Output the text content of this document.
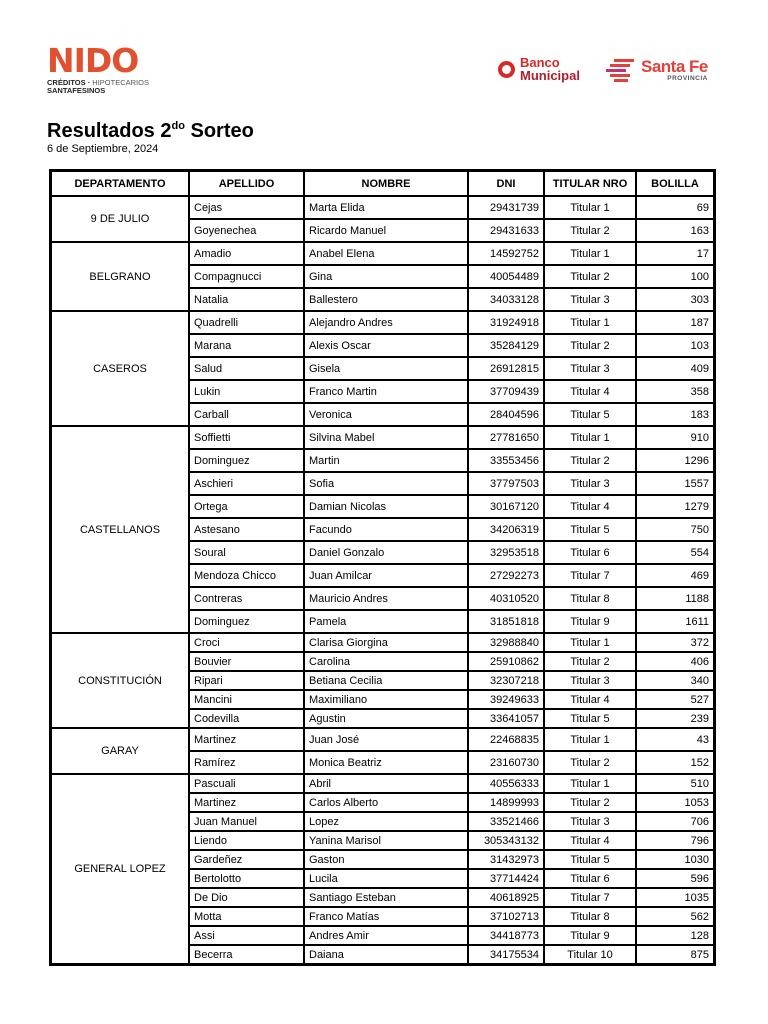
NIDO
CRÉDITOS · HIPOTECARIOS
SANTAFESINOS
Banco
Municipal	Santa Fe
PROVINCIA
Resultados $2^{do}$ Sorteo
6 de Septiembre, 2024
DEPARTAMENTO	APELLIDO	NOMBRE	DNI	TITULAR NRO	BOLILLA
9 DE JULIO	Cejas	Marta Elida	29431739	Titular 1	69
	Goyenechea	Ricardo Manuel	29431633	Titular 2	163
BELGRANO	Amadio	Anabel Elena	14592752	Titular 1	17
	Compagnucci	Gina	40054489	Titular 2	100
	Natalia	Ballestero	34033128	Titular 3	303
CASEROS	Quadrelli	Alejandro Andres	31924918	Titular 1	187
	Marana	Alexis Oscar	35284129	Titular 2	103
	Salud	Gisela	26912815	Titular 3	409
	Lukin	Franco Martin	37709439	Titular 4	358
	Carball	Veronica	28404596	Titular 5	183
CASTELLANOS	Soffietti	Silvina Mabel	27781650	Titular 1	910
	Dominguez	Martin	33553456	Titular 2	1296
	Aschieri	Sofia	37797503	Titular 3	1557
	Ortega	Damian Nicolas	30167120	Titular 4	1279
	Astesano	Facundo	34206319	Titular 5	750
	Soural	Daniel Gonzalo	32953518	Titular 6	554
	Mendoza Chicco	Juan Amilcar	27292273	Titular 7	469
	Contreras	Mauricio Andres	40310520	Titular 8	1188
	Dominguez	Pamela	31851818	Titular 9	1611
CONSTITUCIÓN	Croci	Clarisa Giorgina	32988840	Titular 1	372
	Bouvier	Carolina	25910862	Titular 2	406
	Ripari	Betiana Cecilia	32307218	Titular 3	340
	Mancini	Maximiliano	39249633	Titular 4	527
	Codevilla	Agustin	33641057	Titular 5	239
GARAY	Martinez	Juan José	22468835	Titular 1	43
	Ramírez	Monica Beatriz	23160730	Titular 2	152
GENERAL LOPEZ	Pascuali	Abril	40556333	Titular 1	510
	Martinez	Carlos Alberto	14899993	Titular 2	1053
	Juan Manuel	Lopez	33521466	Titular 3	706
	Liendo	Yanina Marisol	305343132	Titular 4	796
	Gardeñez	Gaston	31432973	Titular 5	1030
	Bertolotto	Lucila	37714424	Titular 6	596
	De Dio	Santiago Esteban	40618925	Titular 7	1035
	Motta	Franco Matías	37102713	Titular 8	562
	Assi	Andres Amir	34418773	Titular 9	128
	Becerra	Daiana	34175534	Titular 10	875
